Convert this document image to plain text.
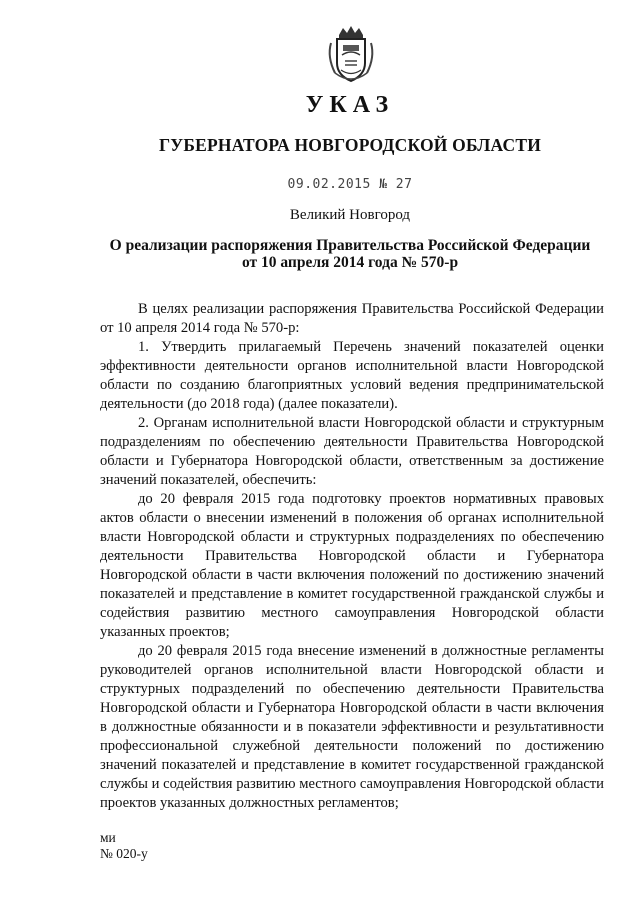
УКАЗ
ГУБЕРНАТОРА НОВГОРОДСКОЙ ОБЛАСТИ
09.02.2015 № 27
Великий Новгород
О реализации распоряжения Правительства Российской Федерации
от 10 апреля 2014 года № 570-р

В целях реализации распоряжения Правительства Российской Федерации от 10 апреля 2014 года № 570-р:

1. Утвердить прилагаемый Перечень значений показателей оценки эффективности деятельности органов исполнительной власти Новгородской области по созданию благоприятных условий ведения предпринимательской деятельности (до 2018 года) (далее показатели).

2. Органам исполнительной власти Новгородской области и структурным подразделениям по обеспечению деятельности Правительства Новгородской области и Губернатора Новгородской области, ответственным за достижение значений показателей, обеспечить:

до 20 февраля 2015 года подготовку проектов нормативных правовых актов области о внесении изменений в положения об органах исполнительной власти Новгородской области и структурных подразделениях по обеспечению деятельности Правительства Новгородской области и Губернатора Новгородской области в части включения положений по достижению значений показателей и представление в комитет государственной гражданской службы и содействия развитию местного самоуправления Новгородской области указанных проектов;

до 20 февраля 2015 года внесение изменений в должностные регламенты руководителей органов исполнительной власти Новгородской области и структурных подразделений по обеспечению деятельности Правительства Новгородской области и Губернатора Новгородской области в части включения в должностные обязанности и в показатели эффективности и результативности профессиональной служебной деятельности положений по достижению значений показателей и представление в комитет государственной гражданской службы и содействия развитию местного самоуправления Новгородской области проектов указанных должностных регламентов;

ми
№ 020-у
